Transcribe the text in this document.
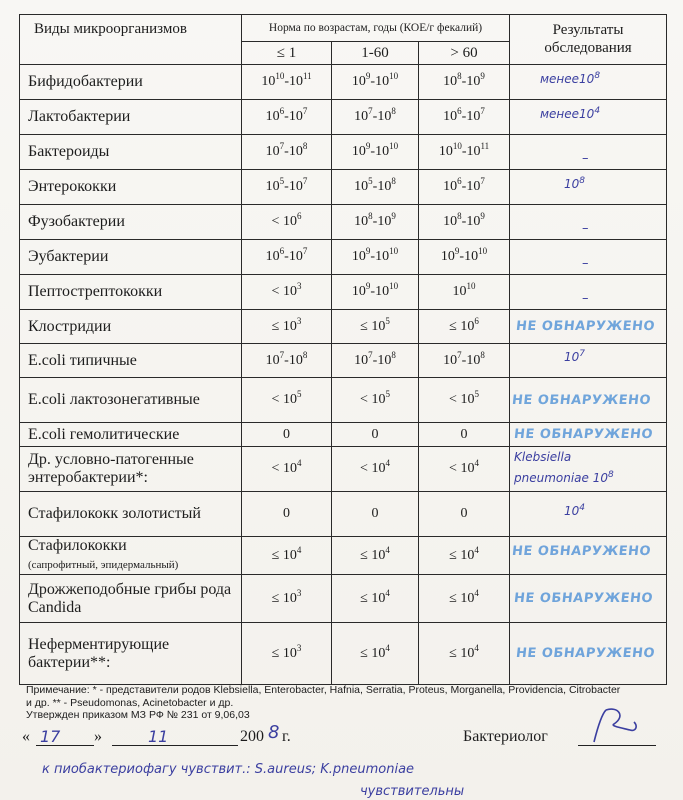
Виды микроорганизмов	Норма по возрастам, годы (КОЕ/г фекалий)			Результаты обследования
	≤ 1	1-60	> 60	
Бифидобактерии	$10^{10}-10^{11}$	$10^9-10^{10}$	$10^8-10^9$	$менее10^8$

Лактобактерии	$10^6-10^7$	$10^7-10^8$	$10^6-10^7$	$менее10^4$

Бактероиды	$10^7-10^8$	$10^9-10^{10}$	$10^{10}-10^{11}$	–

Энтерококки	$10^5-10^7$	$10^5-10^8$	$10^6-10^7$	$10^8$

Фузобактерии	< $10^6$	$10^8-10^9$	$10^8-10^9$	–

Эубактерии	$10^6-10^7$	$10^9-10^{10}$	$10^9-10^{10}$	–

Пептострептококки	< $10^3$	$10^9-10^{10}$	$10^{10}$	–

Клостридии	≤ $10^3$	≤ $10^5$	≤ $10^6$	НЕ ОБНАРУЖЕНО

E.coli типичные	$10^7-10^8$	$10^7-10^8$	$10^7-10^8$	$10^7$

E.coli лактозонегативные	< $10^5$	< $10^5$	< $10^5$	НЕ ОБНАРУЖЕНО

E.coli гемолитические	0	0	0	НЕ ОБНАРУЖЕНО

Др. условно-патогенные энтеробактерии*:	< $10^4$	< $10^4$	< $10^4$	Klebsiella
pneumoniae $10^8$

Стафилококк золотистый	0	0	0	$10^4$

Стафилококки
(сапрофитный, эпидермальный)	≤ $10^4$	≤ $10^4$	≤ $10^4$	НЕ ОБНАРУЖЕНО

Дрожжеподобные грибы рода Candida	≤ $10^3$	≤ $10^4$	≤ $10^4$	НЕ ОБНАРУЖЕНО

Неферментирующие бактерии**:	≤ $10^3$	≤ $10^4$	≤ $10^4$	НЕ ОБНАРУЖЕНО
Примечание: * - представители родов Klebsiella, Enterobacter, Hafnia, Serratia, Proteus, Morganella, Providencia, Citrobacter
и др. ** - Pseudomonas, Acinetobacter и др.
Утвержден приказом МЗ РФ № 231 от 9,06,03
« 17 »	11	200 8 г.	Бактериолог
к пиобактериофагу чувствит.: S.aureus; K.pneumoniae
чувствительны
